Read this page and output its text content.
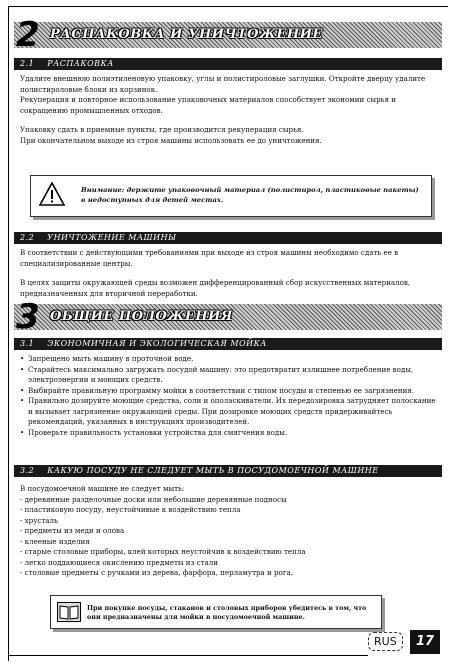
2 РАСПАКОВКА И УНИЧТОЖЕНИЕ
2.1 РАСПАКОВКА

Удалите внешнюю полиэтиленовую упаковку, углы и полистироловые заглушки. Откройте дверцу удалите полистироловые блоки из корзинок.

Рекуперация и повторное использование упаковочных материалов способствует экономии сырья и сокращению промышленных отходов.

Упаковку сдать в приемные пункты, где производится рекуперация сырья.

При окончательном выходе из строя машины использовать ее до уничтожения.

Внимание: держите упаковочный материал (полистирол, пластиковые пакеты) в недоступных для детей местах.
2.2 УНИЧТОЖЕНИЕ МАШИНЫ

В соответствии с действующими требованиями при выходе из строя машины необходимо сдать ее в специализированные центры.

В целях защиты окружающей среды возможен дифференцированный сбор искусственных материалов, предназначенных для вторичной переработки.

3 ОБЩИЕ ПОЛОЖЕНИЯ
3.1 ЭКОНОМИЧНАЯ И ЭКОЛОГИЧЕСКАЯ МОЙКА
• Запрещено мыть машину в проточной воде.
• Старайтесь максимально загружать посудой машину: это предотвратит излишнее потребление воды, электроэнергии и моющих средств.
• Выбирайте правильную программу мойки в соответствии с типом посуды и степенью ее загрязнения.
• Правильно дозируйте моющие средства, соли и ополаскиватели. Их передозировка затрудняет полоскание и вызывает загрязнение окружающей среды. При дозировке моющих средств придерживайтесь рекомендаций, указанных в инструкциях производителей.
• Проверьте правильность установки устройства для смягчения воды.
3.2 КАКУЮ ПОСУДУ НЕ СЛЕДУЕТ МЫТЬ В ПОСУДОМОЕЧНОЙ МАШИНЕ

В посудомоечной машине не следует мыть:

- деревянные разделочные доски или небольшие деревянные подносы

- пластиковую посуду, неустойчивые к воздействию тепла

- хрусталь

- предметы из меди и олова

- клееные изделия

- старые столовые приборы, клей которых неустойчив к воздействию тепла

- легко поддающиеся окислению предметы из стали

- столовые предметы с ручками из дерева, фарфора, перламутра и рога.

При покупке посуды, стаканов и столовых приборов убедитесь в том, что они предназначены для мойки в посудомоечной машине.
RUS	17
